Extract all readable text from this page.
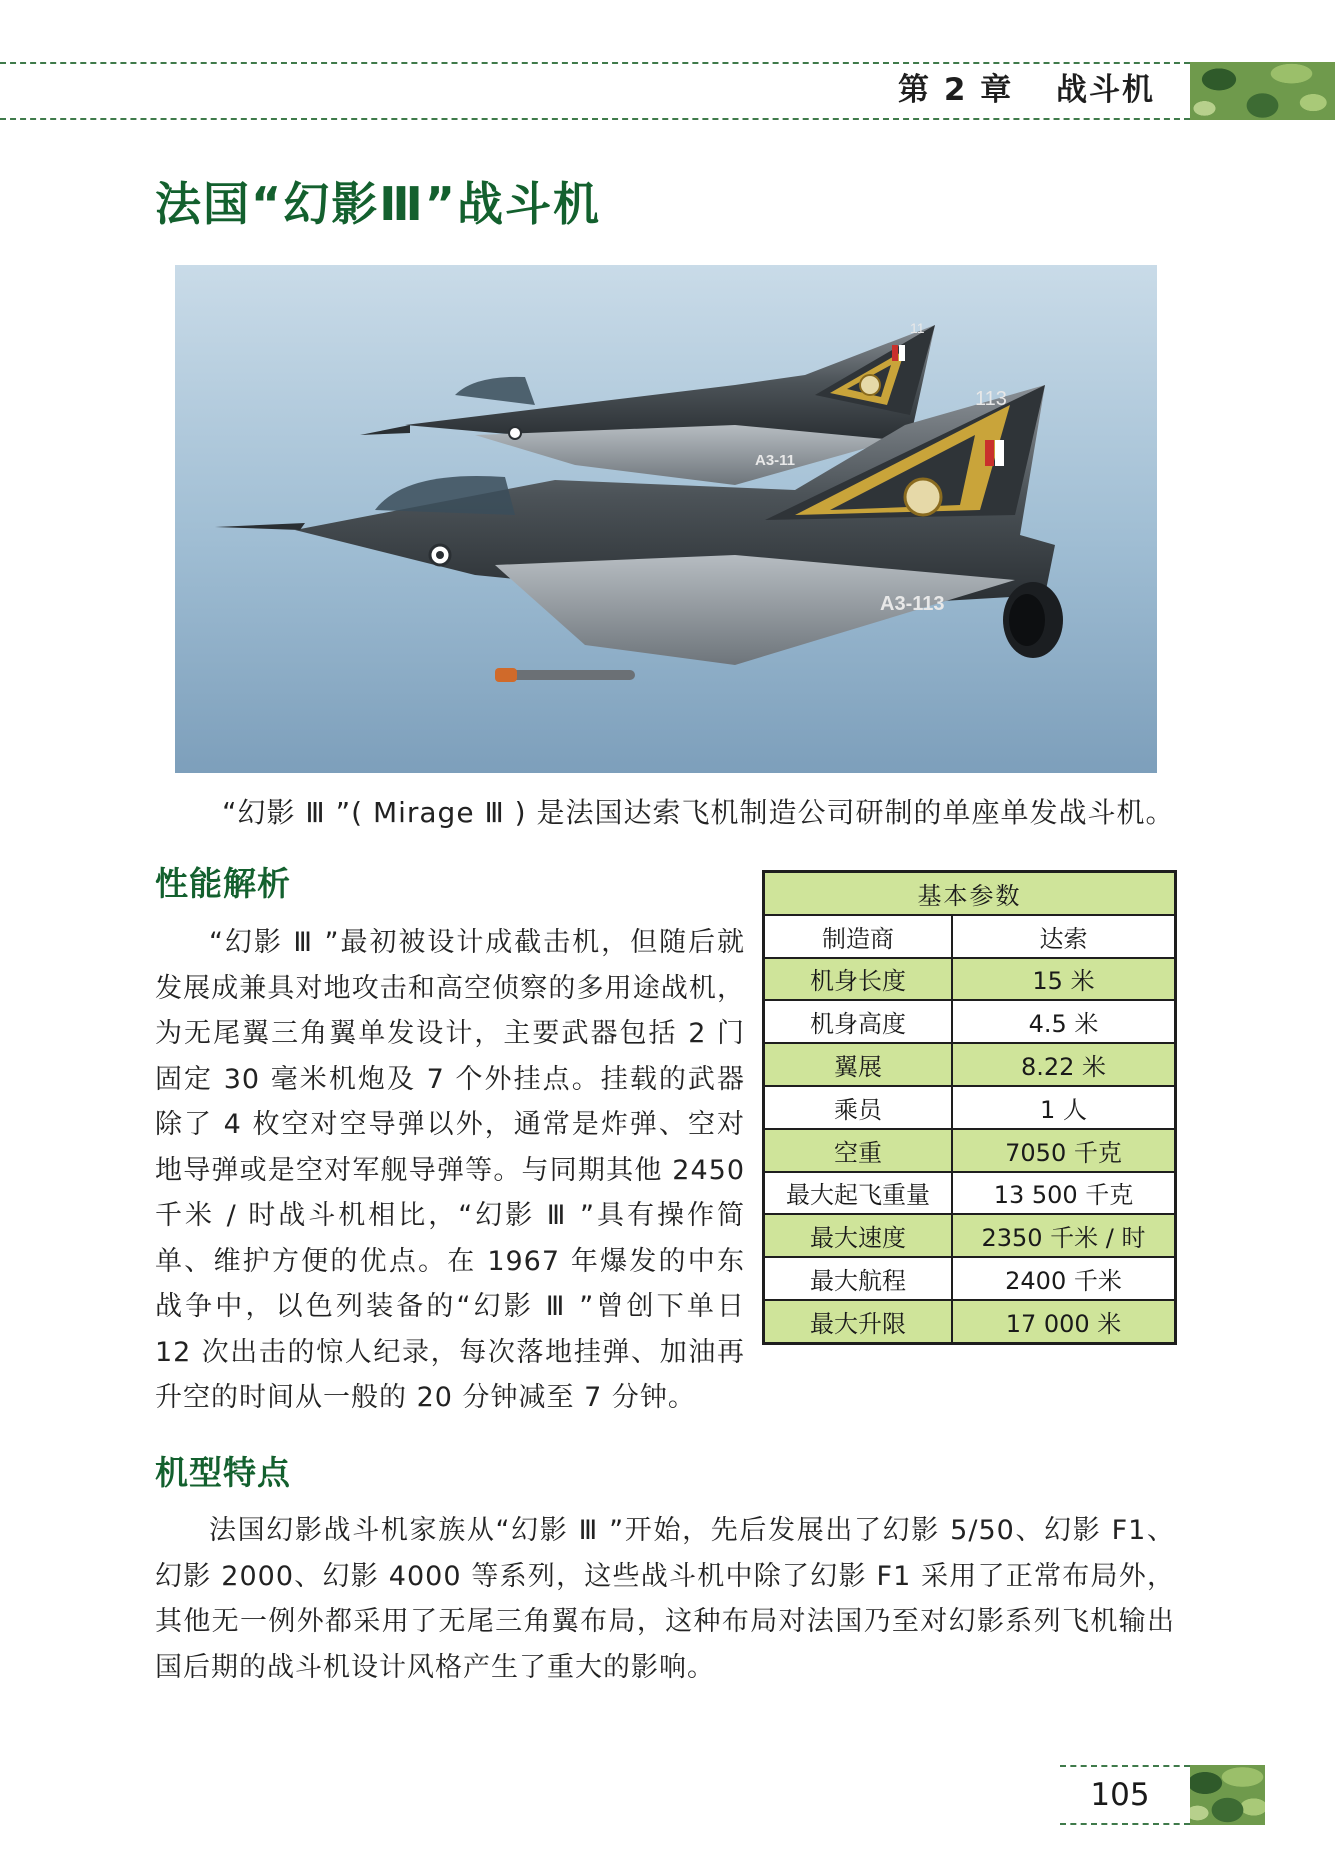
第 2 章 战斗机
法国“幻影Ⅲ”战斗机
11
A3-11
113
A3-113

“幻影 Ⅲ ”( Mirage Ⅲ ) 是法国达索飞机制造公司研制的单座单发战斗机。

性能解析

“幻影 Ⅲ ”最初被设计成截击机，但随后就发展成兼具对地攻击和高空侦察的多用途战机，为无尾翼三角翼单发设计，主要武器包括 2 门固定 30 毫米机炮及 7 个外挂点。挂载的武器除了 4 枚空对空导弹以外，通常是炸弹、空对地导弹或是空对军舰导弹等。与同期其他 2450 千米 / 时战斗机相比，“幻影 Ⅲ ”具有操作简单、维护方便的优点。在 1967 年爆发的中东战争中，以色列装备的“幻影 Ⅲ ”曾创下单日 12 次出击的惊人纪录，每次落地挂弹、加油再升空的时间从一般的 20 分钟减至 7 分钟。

基本参数	
制造商	达索
机身长度	15 米
机身高度	4.5 米
翼展	8.22 米
乘员	1 人
空重	7050 千克
最大起飞重量	13 500 千克
最大速度	2350 千米 / 时
最大航程	2400 千米
最大升限	17 000 米
机型特点

法国幻影战斗机家族从“幻影 Ⅲ ”开始，先后发展出了幻影 5/50、幻影 F1、幻影 2000、幻影 4000 等系列，这些战斗机中除了幻影 F1 采用了正常布局外，其他无一例外都采用了无尾三角翼布局，这种布局对法国乃至对幻影系列飞机输出国后期的战斗机设计风格产生了重大的影响。

105
